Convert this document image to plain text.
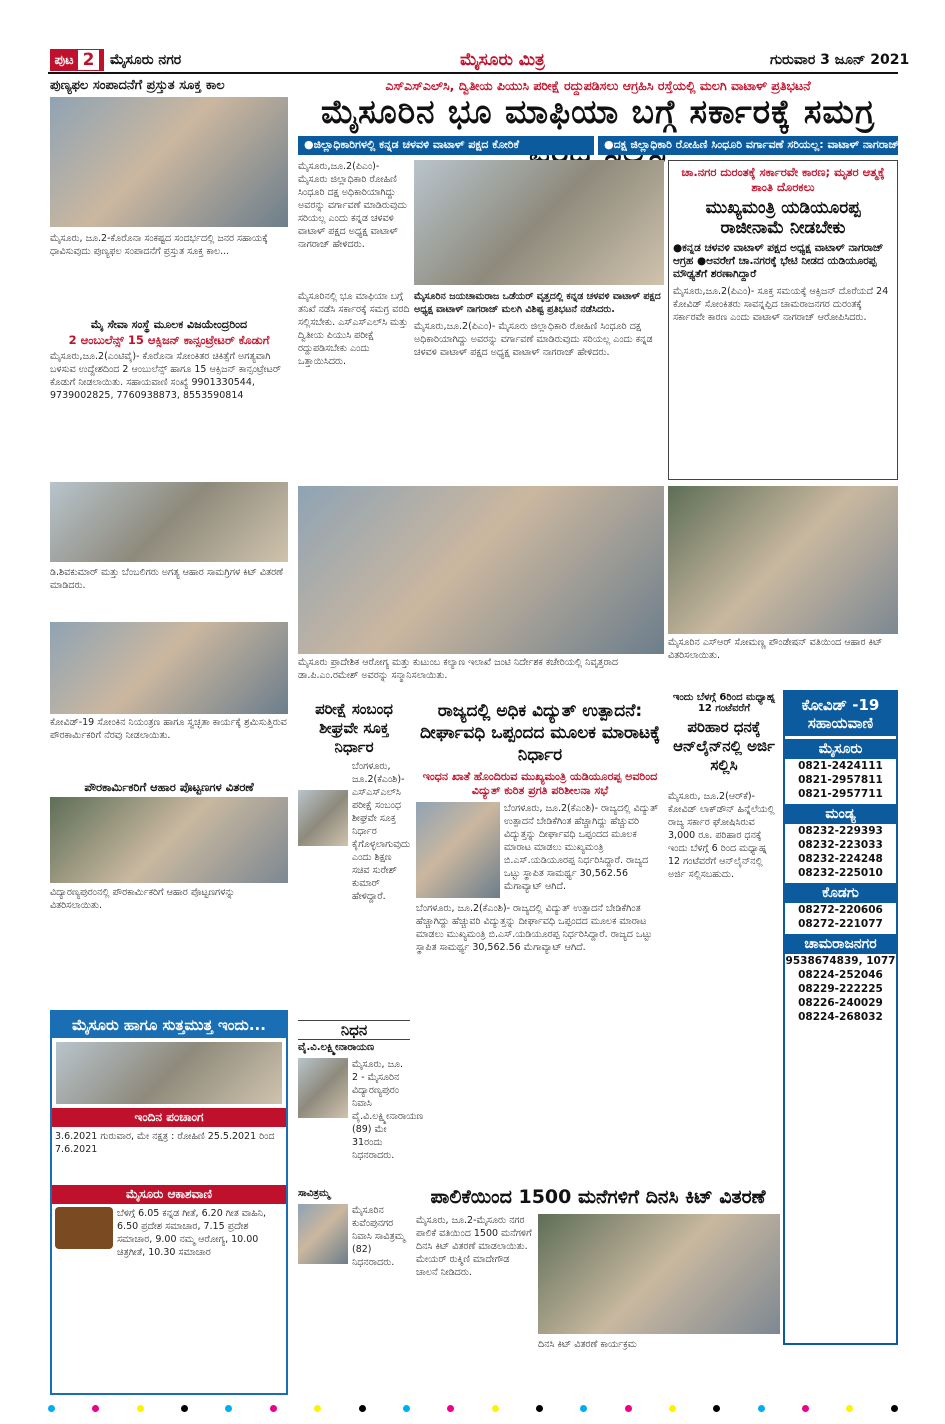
ಪುಟ 2	ಮೈಸೂರು ನಗರ	ಮೈಸೂರು ಮಿತ್ರ	ಗುರುವಾರ 3 ಜೂನ್ 2021
ಪುಣ್ಯಫಲ ಸಂಪಾದನೆಗೆ ಪ್ರಸ್ತುತ ಸೂಕ್ತ ಕಾಲ
ಮೈಸೂರು, ಜೂ.2-ಕೊರೊನಾ ಸಂಕಷ್ಟದ ಸಂದರ್ಭದಲ್ಲಿ ಜನರ ಸಹಾಯಕ್ಕೆ ಧಾವಿಸುವುದು ಪುಣ್ಯಫಲ ಸಂಪಾದನೆಗೆ ಪ್ರಸ್ತುತ ಸೂಕ್ತ ಕಾಲ...
ಮೈ ಸೇವಾ ಸಂಸ್ಥೆ ಮೂಲಕ ವಿಜಯೇಂದ್ರರಿಂದ
2 ಆಂಬುಲೆನ್ಸ್ 15 ಆಕ್ಸಿಜನ್ ಕಾನ್ಸಂಟ್ರೇಟರ್ ಕೊಡುಗೆ
ಮೈಸೂರು,ಜೂ.2(ಎಂಟಿವೈ)- ಕೊರೊನಾ ಸೋಂಕಿತರ ಚಿಕಿತ್ಸೆಗೆ ಅಗತ್ಯವಾಗಿ ಬಳಸುವ ಉದ್ದೇಶದಿಂದ 2 ಆಂಬುಲೆನ್ಸ್ ಹಾಗೂ 15 ಆಕ್ಸಿಜನ್ ಕಾನ್ಸಂಟ್ರೇಟರ್ ಕೊಡುಗೆ ನೀಡಲಾಯಿತು. ಸಹಾಯವಾಣಿ ಸಂಖ್ಯೆ 9901330544, 9739002825, 7760938873, 8553590814
ಡಿ.ಶಿವಕುಮಾರ್ ಮತ್ತು ಬೆಂಬಲಿಗರು ಅಗತ್ಯ ಆಹಾರ ಸಾಮಗ್ರಿಗಳ ಕಿಟ್ ವಿತರಣೆ ಮಾಡಿದರು.
ಕೋವಿಡ್-19 ಸೋಂಕಿನ ನಿಯಂತ್ರಣ ಹಾಗೂ ಸ್ವಚ್ಛತಾ ಕಾರ್ಯಕ್ಕೆ ಶ್ರಮಿಸುತ್ತಿರುವ ಪೌರಕಾರ್ಮಿಕರಿಗೆ ನೆರವು ನೀಡಲಾಯಿತು.
ಪೌರಕಾರ್ಮಿಕರಿಗೆ ಆಹಾರ ಪೊಟ್ಟಣಗಳ ವಿತರಣೆ
ವಿದ್ಯಾರಣ್ಯಪುರಂನಲ್ಲಿ ಪೌರಕಾರ್ಮಿಕರಿಗೆ ಆಹಾರ ಪೊಟ್ಟಣಗಳನ್ನು ವಿತರಿಸಲಾಯಿತು.
ಮೈಸೂರು ಹಾಗೂ ಸುತ್ತಮುತ್ತ ಇಂದು...
ಇಂದಿನ ಪಂಚಾಂಗ
3.6.2021 ಗುರುವಾರ, ಮೇ ನಕ್ಷತ್ರ : ರೋಹಿಣಿ 25.5.2021 ರಿಂದ 7.6.2021
ಮೈಸೂರು ಆಕಾಶವಾಣಿ
ಬೆಳಿಗ್ಗೆ 6.05 ಕನ್ನಡ ಗೀತೆ, 6.20 ಗೀತ ವಾಹಿನಿ, 6.50 ಪ್ರದೇಶ ಸಮಾಚಾರ, 7.15 ಪ್ರದೇಶ ಸಮಾಚಾರ, 9.00 ನಮ್ಮ ಆರೋಗ್ಯ, 10.00 ಚಿತ್ರಗೀತೆ, 10.30 ಸಮಾಚಾರ
ಎಸ್‌ಎಸ್‌ಎಲ್‌ಸಿ, ದ್ವಿತೀಯ ಪಿಯುಸಿ ಪರೀಕ್ಷೆ ರದ್ದುಪಡಿಸಲು ಆಗ್ರಹಿಸಿ ರಸ್ತೆಯಲ್ಲಿ ಮಲಗಿ ವಾಟಾಳ್ ಪ್ರತಿಭಟನೆ
ಮೈಸೂರಿನ ಭೂ ಮಾಫಿಯಾ ಬಗ್ಗೆ ಸರ್ಕಾರಕ್ಕೆ ಸಮಗ್ರ
●ಜಿಲ್ಲಾಧಿಕಾರಿಗಳಲ್ಲಿ ಕನ್ನಡ ಚಳವಳಿ ವಾಟಾಳ್ ಪಕ್ಷದ ಕೋರಿಕೆ	●ದಕ್ಷ ಜಿಲ್ಲಾಧಿಕಾರಿ ರೋಹಿಣಿ ಸಿಂಧೂರಿ ವರ್ಗಾವಣೆ ಸರಿಯಲ್ಲ: ವಾಟಾಳ್ ನಾಗರಾಜ್
ಮೈಸೂರು,ಜೂ.2(ಪಿಎಂ)- ಮೈಸೂರು ಜಿಲ್ಲಾಧಿಕಾರಿ ರೋಹಿಣಿ ಸಿಂಧೂರಿ ದಕ್ಷ ಅಧಿಕಾರಿಯಾಗಿದ್ದು ಅವರನ್ನು ವರ್ಗಾವಣೆ ಮಾಡಿರುವುದು ಸರಿಯಲ್ಲ ಎಂದು ಕನ್ನಡ ಚಳವಳಿ ವಾಟಾಳ್ ಪಕ್ಷದ ಅಧ್ಯಕ್ಷ ವಾಟಾಳ್ ನಾಗರಾಜ್ ಹೇಳಿದರು.
ಮೈಸೂರಿನಲ್ಲಿ ಭೂ ಮಾಫಿಯಾ ಬಗ್ಗೆ ತನಿಖೆ ನಡೆಸಿ ಸರ್ಕಾರಕ್ಕೆ ಸಮಗ್ರ ವರದಿ ಸಲ್ಲಿಸಬೇಕು. ಎಸ್‌ಎಸ್‌ಎಲ್‌ಸಿ ಮತ್ತು ದ್ವಿತೀಯ ಪಿಯುಸಿ ಪರೀಕ್ಷೆ ರದ್ದುಪಡಿಸಬೇಕು ಎಂದು ಒತ್ತಾಯಿಸಿದರು.
ಮೈಸೂರಿನ ಜಯಚಾಮರಾಜ ಒಡೆಯರ್ ವೃತ್ತದಲ್ಲಿ ಕನ್ನಡ ಚಳವಳಿ ವಾಟಾಳ್ ಪಕ್ಷದ ಅಧ್ಯಕ್ಷ ವಾಟಾಳ್ ನಾಗರಾಜ್ ಮಲಗಿ ವಿಶಿಷ್ಟ ಪ್ರತಿಭಟನೆ ನಡೆಸಿದರು.
ಮೈಸೂರು,ಜೂ.2(ಪಿಎಂ)- ಮೈಸೂರು ಜಿಲ್ಲಾಧಿಕಾರಿ ರೋಹಿಣಿ ಸಿಂಧೂರಿ ದಕ್ಷ ಅಧಿಕಾರಿಯಾಗಿದ್ದು ಅವರನ್ನು ವರ್ಗಾವಣೆ ಮಾಡಿರುವುದು ಸರಿಯಲ್ಲ ಎಂದು ಕನ್ನಡ ಚಳವಳಿ ವಾಟಾಳ್ ಪಕ್ಷದ ಅಧ್ಯಕ್ಷ ವಾಟಾಳ್ ನಾಗರಾಜ್ ಹೇಳಿದರು.
ಚಾ.ನಗರ ದುರಂತಕ್ಕೆ ಸರ್ಕಾರವೇ ಕಾರಣ; ಮೃತರ ಆತ್ಮಕ್ಕೆ ಶಾಂತಿ ದೊರಕಲು
ಮುಖ್ಯಮಂತ್ರಿ ಯಡಿಯೂರಪ್ಪ ರಾಜೀನಾಮೆ ನೀಡಬೇಕು
●ಕನ್ನಡ ಚಳವಳಿ ವಾಟಾಳ್ ಪಕ್ಷದ ಅಧ್ಯಕ್ಷ ವಾಟಾಳ್ ನಾಗರಾಜ್ ಆಗ್ರಹ ●ಆವರೇಗೆ ಚಾ.ನಗರಕ್ಕೆ ಭೇಟಿ ನೀಡದ ಯಡಿಯೂರಪ್ಪ ಮೌಢ್ಯತೆಗೆ ಶರಣಾಗಿದ್ದಾರೆ
ಮೈಸೂರು,ಜೂ.2(ಪಿಎಂ)- ಸೂಕ್ತ ಸಮಯಕ್ಕೆ ಆಕ್ಸಿಜನ್ ದೊರೆಯದೆ 24 ಕೋವಿಡ್ ಸೋಂಕಿತರು ಸಾವನ್ನಪ್ಪಿದ ಚಾಮರಾಜನಗರ ದುರಂತಕ್ಕೆ ಸರ್ಕಾರವೇ ಕಾರಣ ಎಂದು ವಾಟಾಳ್ ನಾಗರಾಜ್ ಆರೋಪಿಸಿದರು.
ಮೈಸೂರು ಪ್ರಾದೇಶಿಕ ಆರೋಗ್ಯ ಮತ್ತು ಕುಟುಂಬ ಕಲ್ಯಾಣ ಇಲಾಖೆ ಜಂಟಿ ನಿರ್ದೇಶಕ ಕಚೇರಿಯಲ್ಲಿ ನಿವೃತ್ತರಾದ ಡಾ.ಪಿ.ಎಂ.ರಮೇಶ್ ಅವರನ್ನು ಸನ್ಮಾನಿಸಲಾಯಿತು.
ಮೈಸೂರಿನ ಎಸ್‌ಆರ್ ಸೋಮಣ್ಣ ಪೌಂಡೇಷನ್ ವತಿಯಿಂದ ಆಹಾರ ಕಿಟ್ ವಿತರಿಸಲಾಯಿತು.
ಪರೀಕ್ಷೆ ಸಂಬಂಧ ಶೀಘ್ರವೇ ಸೂಕ್ತ ನಿರ್ಧಾರ
ಬೆಂಗಳೂರು, ಜೂ.2(ಕೆಎಂಶಿ)- ಎಸ್‌ಎಸ್‌ಎಲ್‌ಸಿ ಪರೀಕ್ಷೆ ಸಂಬಂಧ ಶೀಘ್ರವೇ ಸೂಕ್ತ ನಿರ್ಧಾರ ಕೈಗೊಳ್ಳಲಾಗುವುದು ಎಂದು ಶಿಕ್ಷಣ ಸಚಿವ ಸುರೇಶ್ ಕುಮಾರ್ ಹೇಳಿದ್ದಾರೆ.
ರಾಜ್ಯದಲ್ಲಿ ಅಧಿಕ ವಿದ್ಯುತ್ ಉತ್ಪಾದನೆ: ದೀರ್ಘಾವಧಿ ಒಪ್ಪಂದದ ಮೂಲಕ ಮಾರಾಟಕ್ಕೆ ನಿರ್ಧಾರ
ಇಂಧನ ಖಾತೆ ಹೊಂದಿರುವ ಮುಖ್ಯಮಂತ್ರಿ ಯಡಿಯೂರಪ್ಪ ಅವರಿಂದ ವಿದ್ಯುತ್ ಕುರಿತ ಪ್ರಗತಿ ಪರಿಶೀಲನಾ ಸಭೆ
ಬೆಂಗಳೂರು, ಜೂ.2(ಕೆಎಂಶಿ)- ರಾಜ್ಯದಲ್ಲಿ ವಿದ್ಯುತ್ ಉತ್ಪಾದನೆ ಬೇಡಿಕೆಗಿಂತ ಹೆಚ್ಚಾಗಿದ್ದು ಹೆಚ್ಚುವರಿ ವಿದ್ಯುತ್ತನ್ನು ದೀರ್ಘಾವಧಿ ಒಪ್ಪಂದದ ಮೂಲಕ ಮಾರಾಟ ಮಾಡಲು ಮುಖ್ಯಮಂತ್ರಿ ಬಿ.ಎಸ್.ಯಡಿಯೂರಪ್ಪ ನಿರ್ಧರಿಸಿದ್ದಾರೆ. ರಾಜ್ಯದ ಒಟ್ಟು ಸ್ಥಾಪಿತ ಸಾಮರ್ಥ್ಯ 30,562.56 ಮೆಗಾವ್ಯಾಟ್ ಆಗಿದೆ.
ಬೆಂಗಳೂರು, ಜೂ.2(ಕೆಎಂಶಿ)- ರಾಜ್ಯದಲ್ಲಿ ವಿದ್ಯುತ್ ಉತ್ಪಾದನೆ ಬೇಡಿಕೆಗಿಂತ ಹೆಚ್ಚಾಗಿದ್ದು ಹೆಚ್ಚುವರಿ ವಿದ್ಯುತ್ತನ್ನು ದೀರ್ಘಾವಧಿ ಒಪ್ಪಂದದ ಮೂಲಕ ಮಾರಾಟ ಮಾಡಲು ಮುಖ್ಯಮಂತ್ರಿ ಬಿ.ಎಸ್.ಯಡಿಯೂರಪ್ಪ ನಿರ್ಧರಿಸಿದ್ದಾರೆ. ರಾಜ್ಯದ ಒಟ್ಟು ಸ್ಥಾಪಿತ ಸಾಮರ್ಥ್ಯ 30,562.56 ಮೆಗಾವ್ಯಾಟ್ ಆಗಿದೆ.
ಇಂದು ಬೆಳಗ್ಗೆ 6ರಿಂದ ಮಧ್ಯಾಹ್ನ 12 ಗಂಟೆವರೆಗೆ
ಪರಿಹಾರ ಧನಕ್ಕೆ ಆನ್‌ಲೈನ್‌ನಲ್ಲಿ ಅರ್ಜಿ ಸಲ್ಲಿಸಿ
ಮೈಸೂರು, ಜೂ.2(ಆರ್‌ಕೆ)- ಕೋವಿಡ್ ಲಾಕ್‌ಡೌನ್ ಹಿನ್ನೆಲೆಯಲ್ಲಿ ರಾಜ್ಯ ಸರ್ಕಾರ ಘೋಷಿಸಿರುವ 3,000 ರೂ. ಪರಿಹಾರ ಧನಕ್ಕೆ ಇಂದು ಬೆಳಗ್ಗೆ 6 ರಿಂದ ಮಧ್ಯಾಹ್ನ 12 ಗಂಟೆವರೆಗೆ ಆನ್‌ಲೈನ್‌ನಲ್ಲಿ ಅರ್ಜಿ ಸಲ್ಲಿಸಬಹುದು.
ನಿಧನ
ವೈ.ವಿ.ಲಕ್ಷ್ಮೀನಾರಾಯಣ
ಮೈಸೂರು, ಜೂ. 2 - ಮೈಸೂರಿನ ವಿದ್ಯಾರಣ್ಯಪುರಂ ನಿವಾಸಿ ವೈ.ವಿ.ಲಕ್ಷ್ಮೀನಾರಾಯಣ (89) ಮೇ 31ರಂದು ನಿಧನರಾದರು.
ಸಾವಿತ್ರಮ್ಮ
ಮೈಸೂರಿನ ಕುವೆಂಪುನಗರ ನಿವಾಸಿ ಸಾವಿತ್ರಮ್ಮ (82) ನಿಧನರಾದರು.
ಪಾಲಿಕೆಯಿಂದ 1500 ಮನೆಗಳಿಗೆ ದಿನಸಿ ಕಿಟ್ ವಿತರಣೆ
ಮೈಸೂರು, ಜೂ.2-ಮೈಸೂರು ನಗರ ಪಾಲಿಕೆ ವತಿಯಿಂದ 1500 ಮನೆಗಳಿಗೆ ದಿನಸಿ ಕಿಟ್ ವಿತರಣೆ ಮಾಡಲಾಯಿತು. ಮೇಯರ್ ರುಕ್ಮಿಣಿ ಮಾದೇಗೌಡ ಚಾಲನೆ ನೀಡಿದರು.
ದಿನಸಿ ಕಿಟ್ ವಿತರಣೆ ಕಾರ್ಯಕ್ರಮ
ಕೋವಿಡ್ -19 ಸಹಾಯವಾಣಿ
ಮೈಸೂರು
0821-2424111
0821-2957811
0821-2957711
ಮಂಡ್ಯ
08232-229393
08232-223033
08232-224248
08232-225010
ಕೊಡಗು
08272-220606
08272-221077
ಚಾಮರಾಜನಗರ
9538674839, 1077
08224-252046
08229-222225
08226-240029
08224-268032
